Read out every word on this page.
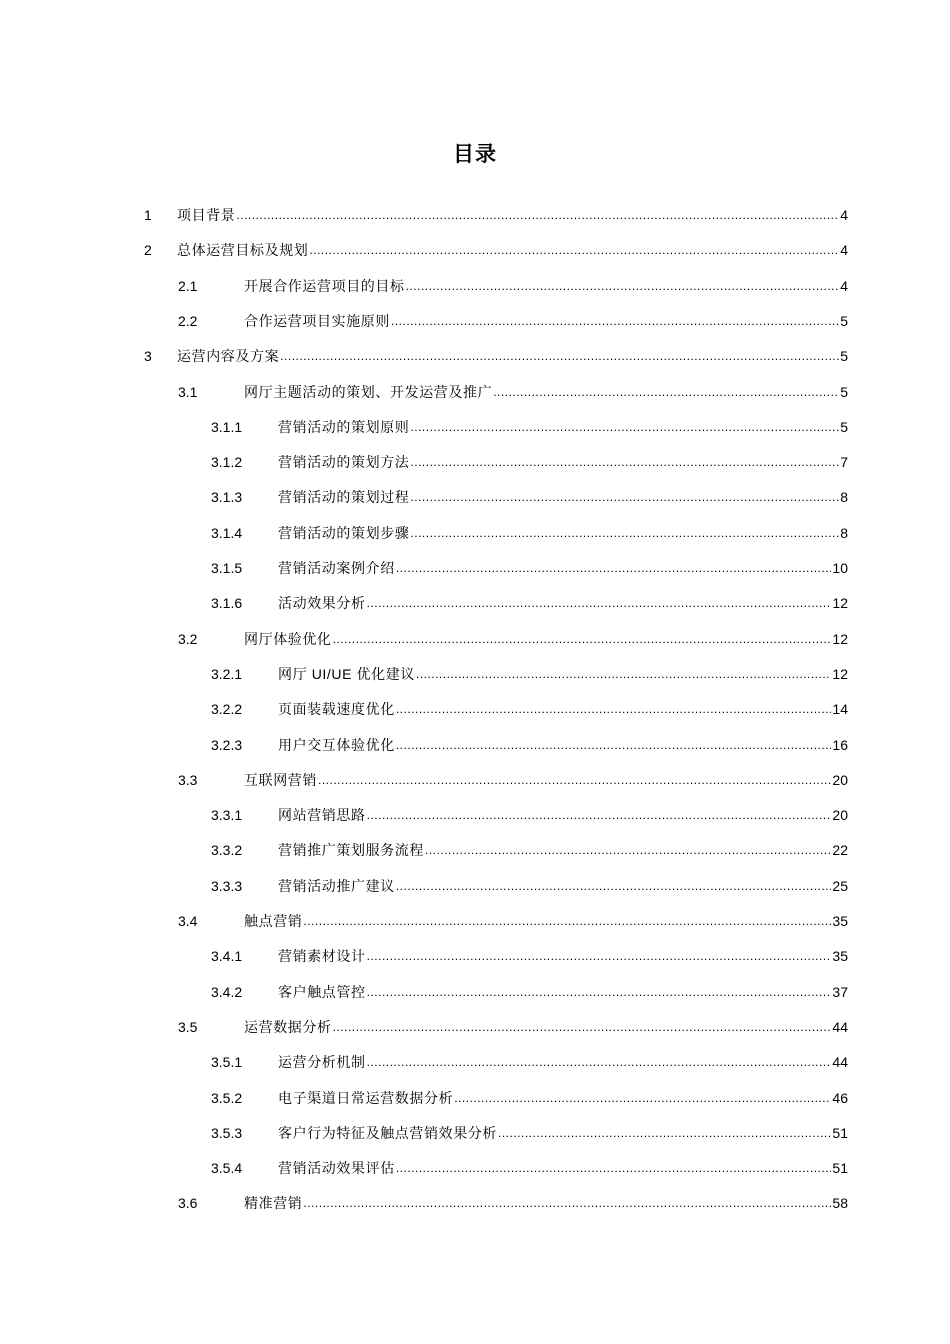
目录
1	项目背景 .....	4
2	总体运营目标及规划 .....	4
2.1	开展合作运营项目的目标 .....	4
2.2	合作运营项目实施原则 .....	5
3	运营内容及方案 .....	5
3.1	网厅主题活动的策划、开发运营及推广 .....	5
3.1.1	营销活动的策划原则 .....	5
3.1.2	营销活动的策划方法 .....	7
3.1.3	营销活动的策划过程 .....	8
3.1.4	营销活动的策划步骤 .....	8
3.1.5	营销活动案例介绍 .....	10
3.1.6	活动效果分析 .....	12
3.2	网厅体验优化 .....	12
3.2.1	网厅 UI/UE 优化建议 .....	12
3.2.2	页面装载速度优化 .....	14
3.2.3	用户交互体验优化 .....	16
3.3	互联网营销 .....	20
3.3.1	网站营销思路 .....	20
3.3.2	营销推广策划服务流程 .....	22
3.3.3	营销活动推广建议 .....	25
3.4	触点营销 .....	35
3.4.1	营销素材设计 .....	35
3.4.2	客户触点管控 .....	37
3.5	运营数据分析 .....	44
3.5.1	运营分析机制 .....	44
3.5.2	电子渠道日常运营数据分析 .....	46
3.5.3	客户行为特征及触点营销效果分析 .....	51
3.5.4	营销活动效果评估 .....	51
3.6	精准营销 .....	58
